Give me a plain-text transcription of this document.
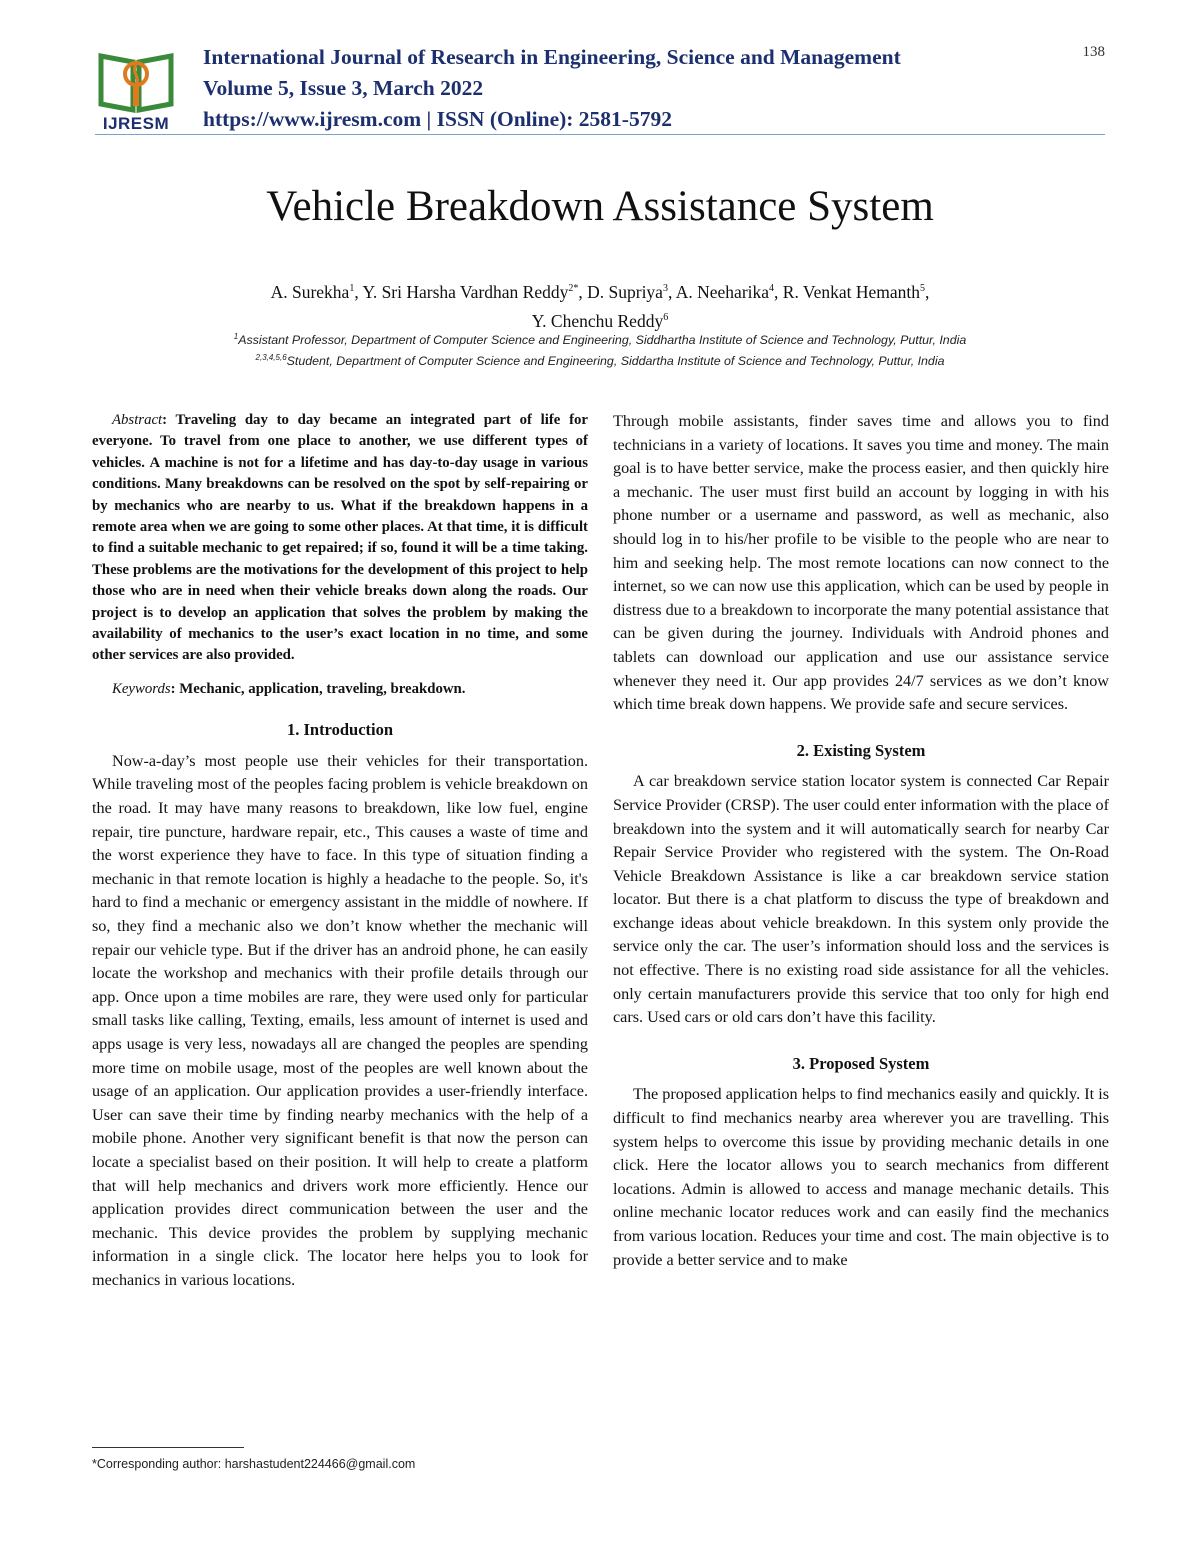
IJRESM
International Journal of Research in Engineering, Science and Management
Volume 5, Issue 3, March 2022
https://www.ijresm.com | ISSN (Online): 2581-5792
138
Vehicle Breakdown Assistance System
A. Surekha$^1$, Y. Sri Harsha Vardhan Reddy$^{2*}$, D. Supriya$^3$, A. Neeharika$^4$, R. Venkat Hemanth$^5$,
Y. Chenchu Reddy$^6$
$^1$Assistant Professor, Department of Computer Science and Engineering, Siddhartha Institute of Science and Technology, Puttur, India
$^{2,3,4,5,6}$Student, Department of Computer Science and Engineering, Siddartha Institute of Science and Technology, Puttur, India

Abstract: Traveling day to day became an integrated part of life for everyone. To travel from one place to another, we use different types of vehicles. A machine is not for a lifetime and has day-to-day usage in various conditions. Many breakdowns can be resolved on the spot by self-repairing or by mechanics who are nearby to us. What if the breakdown happens in a remote area when we are going to some other places. At that time, it is difficult to find a suitable mechanic to get repaired; if so, found it will be a time taking. These problems are the motivations for the development of this project to help those who are in need when their vehicle breaks down along the roads. Our project is to develop an application that solves the problem by making the availability of mechanics to the user’s exact location in no time, and some other services are also provided.

Keywords: Mechanic, application, traveling, breakdown.

1. Introduction

Now-a-day’s most people use their vehicles for their transportation. While traveling most of the peoples facing problem is vehicle breakdown on the road. It may have many reasons to breakdown, like low fuel, engine repair, tire puncture, hardware repair, etc., This causes a waste of time and the worst experience they have to face. In this type of situation finding a mechanic in that remote location is highly a headache to the people. So, it's hard to find a mechanic or emergency assistant in the middle of nowhere. If so, they find a mechanic also we don’t know whether the mechanic will repair our vehicle type. But if the driver has an android phone, he can easily locate the workshop and mechanics with their profile details through our app. Once upon a time mobiles are rare, they were used only for particular small tasks like calling, Texting, emails, less amount of internet is used and apps usage is very less, nowadays all are changed the peoples are spending more time on mobile usage, most of the peoples are well known about the usage of an application. Our application provides a user-friendly interface. User can save their time by finding nearby mechanics with the help of a mobile phone. Another very significant benefit is that now the person can locate a specialist based on their position. It will help to create a platform that will help mechanics and drivers work more efficiently. Hence our application provides direct communication between the user and the mechanic. This device provides the problem by supplying mechanic information in a single click. The locator here helps you to look for mechanics in various locations.

Through mobile assistants, finder saves time and allows you to find technicians in a variety of locations. It saves you time and money. The main goal is to have better service, make the process easier, and then quickly hire a mechanic. The user must first build an account by logging in with his phone number or a username and password, as well as mechanic, also should log in to his/her profile to be visible to the people who are near to him and seeking help. The most remote locations can now connect to the internet, so we can now use this application, which can be used by people in distress due to a breakdown to incorporate the many potential assistance that can be given during the journey. Individuals with Android phones and tablets can download our application and use our assistance service whenever they need it. Our app provides 24/7 services as we don’t know which time break down happens. We provide safe and secure services.

2. Existing System

A car breakdown service station locator system is connected Car Repair Service Provider (CRSP). The user could enter information with the place of breakdown into the system and it will automatically search for nearby Car Repair Service Provider who registered with the system. The On-Road Vehicle Breakdown Assistance is like a car breakdown service station locator. But there is a chat platform to discuss the type of breakdown and exchange ideas about vehicle breakdown. In this system only provide the service only the car. The user’s information should loss and the services is not effective. There is no existing road side assistance for all the vehicles. only certain manufacturers provide this service that too only for high end cars. Used cars or old cars don’t have this facility.

3. Proposed System

The proposed application helps to find mechanics easily and quickly. It is difficult to find mechanics nearby area wherever you are travelling. This system helps to overcome this issue by providing mechanic details in one click. Here the locator allows you to search mechanics from different locations. Admin is allowed to access and manage mechanic details. This online mechanic locator reduces work and can easily find the mechanics from various location. Reduces your time and cost. The main objective is to provide a better service and to make

*Corresponding author: harshastudent224466@gmail.com
